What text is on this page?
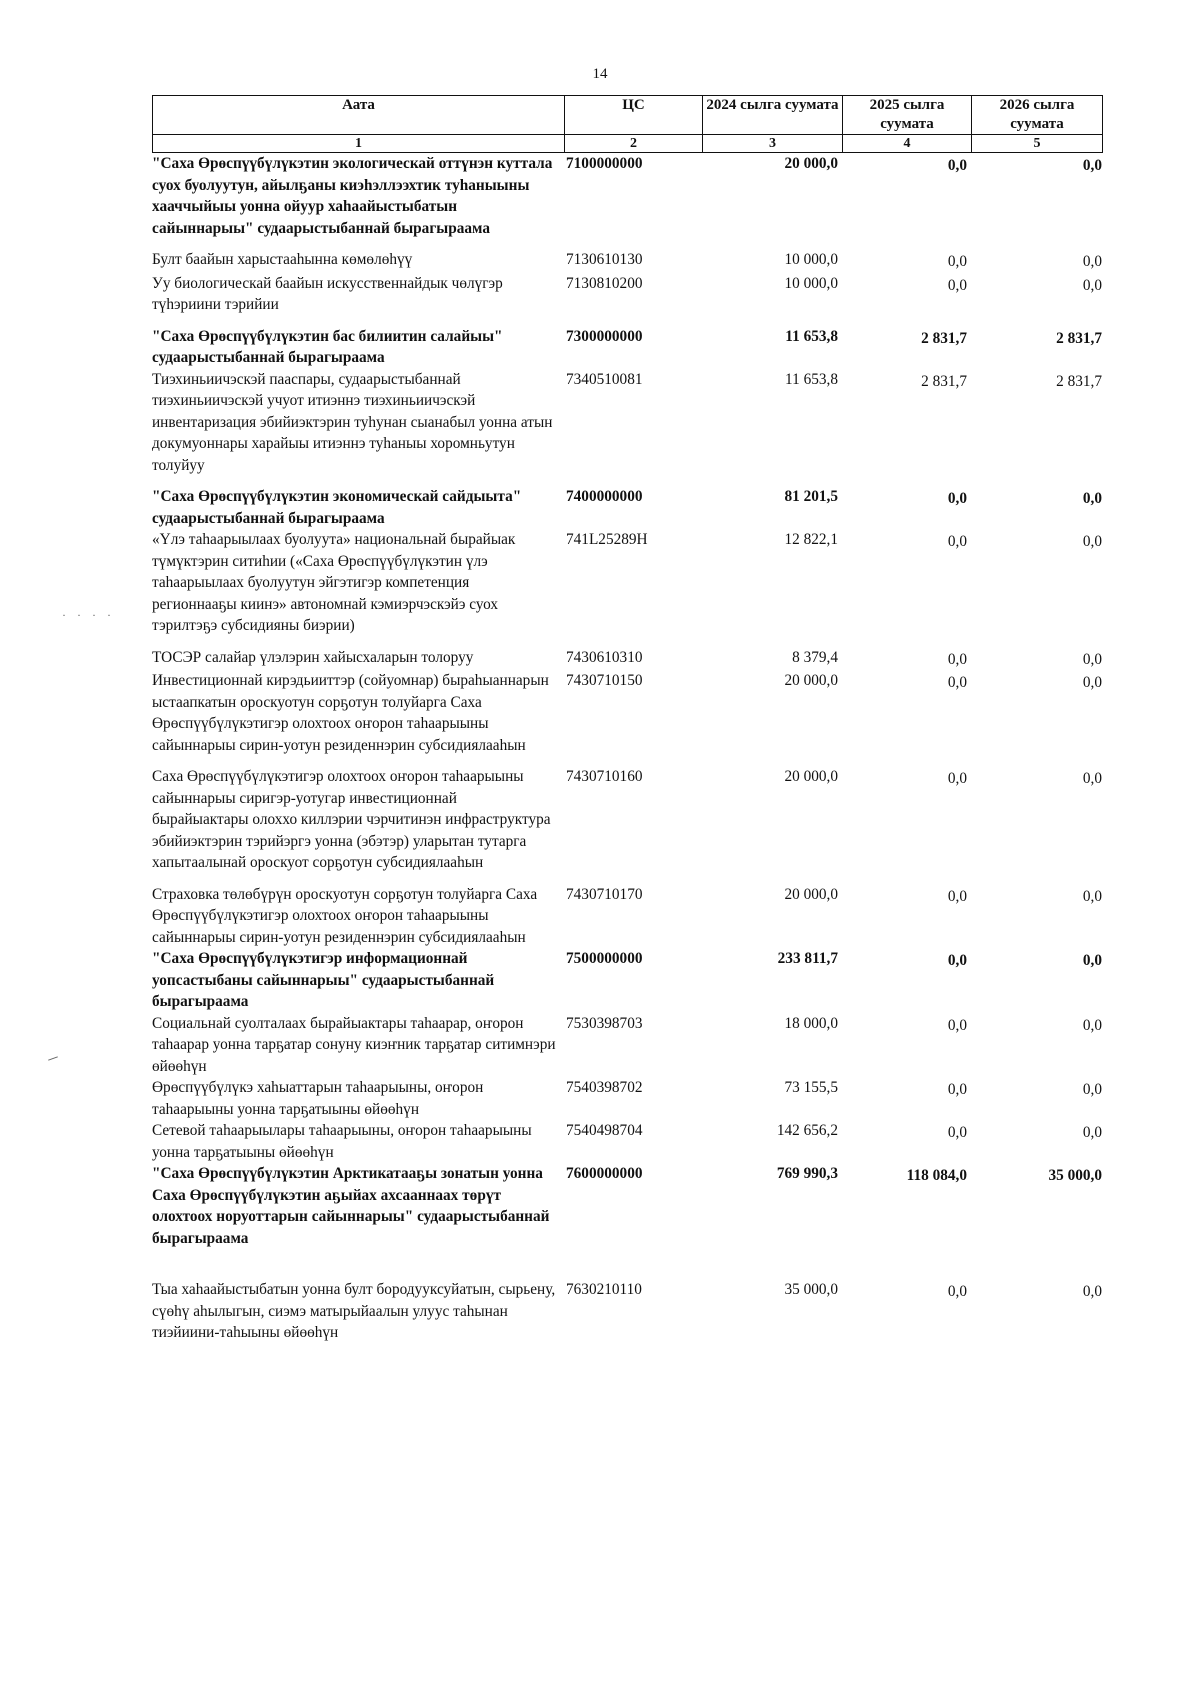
14
Аата	ЦС	2024 сылга суумата	2025 сылга суумата	2026 сылга суумата
1	2	3	4	5
"Саха Өрөспүүбүлүкэтин экологическай оттүнэн куттала суох буолуутун, айылҕаны киэһэллээхтик туһаныыны хааччыйыы уонна ойуур хаһаайыстыбатын сайыннарыы" судаарыстыбаннай бырагыраама	7100000000	20 000,0	0,0	0,0

Булт баайын харыстааһынна көмөлөһүү	7130610130	10 000,0	0,0	0,0
Уу биологическай баайын искусственнайдык чөлүгэр түһэриини тэрийии	7130810200	10 000,0	0,0	0,0

"Саха Өрөспүүбүлүкэтин бас билиитин салайыы" судаарыстыбаннай бырагыраама	7300000000	11 653,8	2 831,7	2 831,7
Тиэхиньиичэскэй пааспары, судаарыстыбаннай тиэхиньиичэскэй учуот итиэннэ тиэхиньиичэскэй инвентаризация эбийиэктэрин туһунан сыанабыл уонна атын докумуоннары харайыы итиэннэ туһаныы хоромньутун толуйуу	7340510081	11 653,8	2 831,7	2 831,7

"Саха Өрөспүүбүлүкэтин экономическай сайдыыта" судаарыстыбаннай бырагыраама	7400000000	81 201,5	0,0	0,0
«Үлэ таһаарыылаах буолуута» национальнай бырайыак түмүктэрин ситиһии («Саха Өрөспүүбүлүкэтин үлэ таһаарыылаах буолуутун эйгэтигэр компетенция регионнааҕы киинэ» автономнай кэмиэрчэскэйэ суох тэрилтэҕэ субсидияны биэрии)	741L25289H	12 822,1	0,0	0,0

ТОСЭР салайар үлэлэрин хайысхаларын толоруу	7430610310	8 379,4	0,0	0,0
Инвестиционнай кирэдьииттэр (сойуомнар) быраһыаннарын ыстаапкатын ороскуотун сорҕотун толуйарга Саха Өрөспүүбүлүкэтигэр олохтоох оҥорон таһаарыыны сайыннарыы сирин-уотун резиденнэрин субсидиялааһын	7430710150	20 000,0	0,0	0,0

Саха Өрөспүүбүлүкэтигэр олохтоох оҥорон таһаарыыны сайыннарыы сиригэр-уотугар инвестиционнай бырайыактары олоххо киллэрии чэрчитинэн инфраструктура эбийиэктэрин тэрийэргэ уонна (эбэтэр) уларытан тутарга хапытаалынай ороскуот сорҕотун субсидиялааһын	7430710160	20 000,0	0,0	0,0

Страховка төлөбүрүн ороскуотун сорҕотун толуйарга Саха Өрөспүүбүлүкэтигэр олохтоох оҥорон таһаарыыны сайыннарыы сирин-уотун резиденнэрин субсидиялааһын	7430710170	20 000,0	0,0	0,0
"Саха Өрөспүүбүлүкэтигэр информационнай уопсастыбаны сайыннарыы" судаарыстыбаннай бырагыраама	7500000000	233 811,7	0,0	0,0
Социальнай суолталаах бырайыактары таһаарар, оҥорон таһаарар уонна тарҕатар сонуну киэҥник тарҕатар ситимнэри өйөөһүн	7530398703	18 000,0	0,0	0,0
Өрөспүүбүлүкэ хаһыаттарын таһаарыыны, оҥорон таһаарыыны уонна тарҕатыыны өйөөһүн	7540398702	73 155,5	0,0	0,0
Сетевой таһаарыылары таһаарыыны, оҥорон таһаарыыны уонна тарҕатыыны өйөөһүн	7540498704	142 656,2	0,0	0,0
"Саха Өрөспүүбүлүкэтин Арктикатааҕы зонатын уонна Саха Өрөспүүбүлүкэтин аҕыйах ахсааннаах төрүт олохтоох норуоттарын сайыннарыы" судаарыстыбаннай бырагыраама	7600000000	769 990,3	118 084,0	35 000,0

Тыа хаһаайыстыбатын уонна булт бородууксуйатын, сырьену, сүөһү аһылыгын, сиэмэ матырыйаалын улуус таһынан тиэйиини-таһыыны өйөөһүн	7630210110	35 000,0	0,0	0,0
· · · ·
